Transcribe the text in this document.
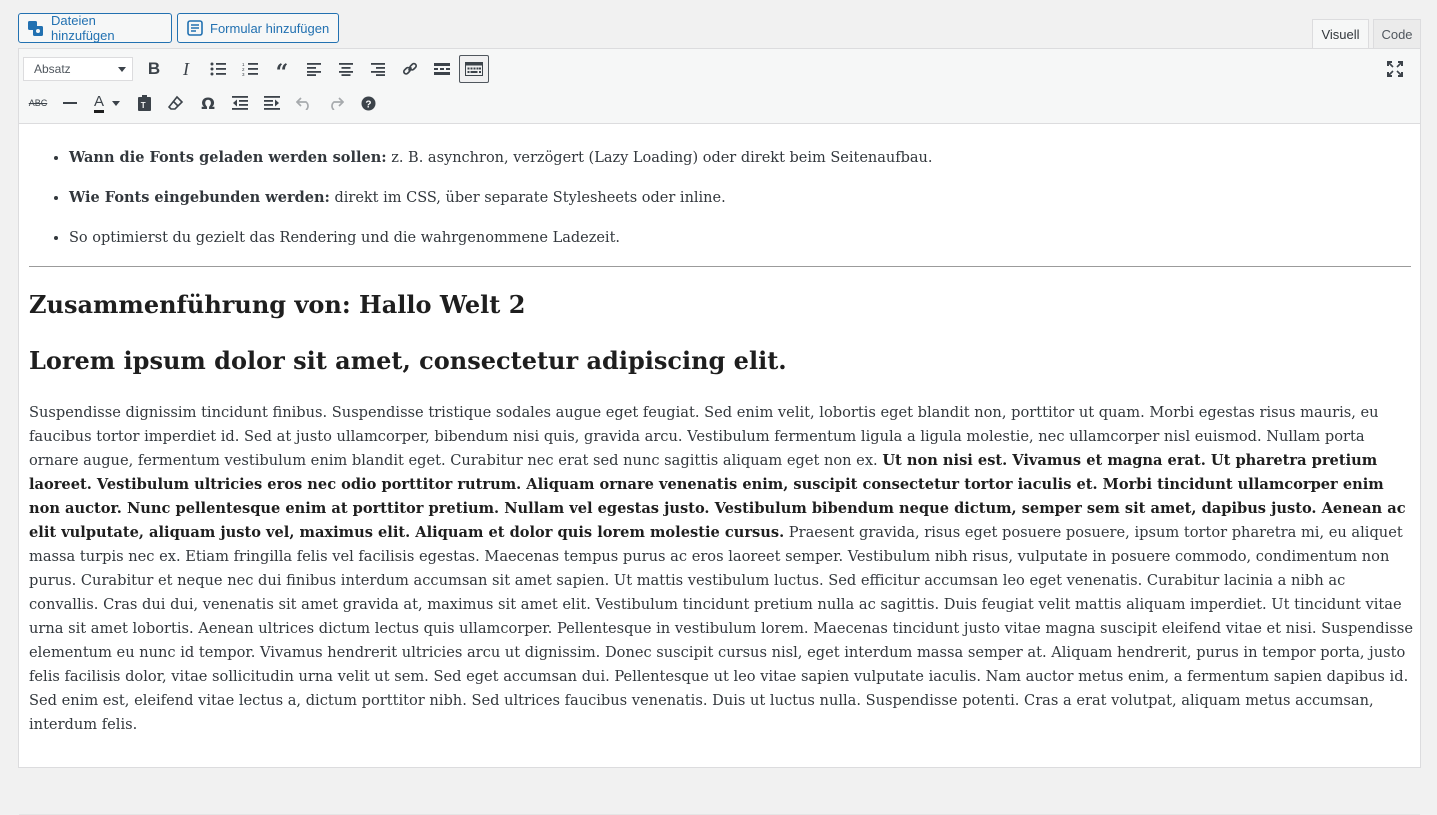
Dateien hinzufügen	Formular hinzufügen	Visuell	Code
Absatz	B I	1
2
3 “
ABC	A	T	Ω	?
• Wann die Fonts geladen werden sollen: z. B. asynchron, verzögert (Lazy Loading) oder direkt beim Seitenaufbau.
• Wie Fonts eingebunden werden: direkt im CSS, über separate Stylesheets oder inline.
• So optimierst du gezielt das Rendering und die wahrgenommene Ladezeit.
Zusammenführung von: Hallo Welt 2
Lorem ipsum dolor sit amet, consectetur adipiscing elit.

Suspendisse dignissim tincidunt finibus. Suspendisse tristique sodales augue eget feugiat. Sed enim velit, lobortis eget blandit non, porttitor ut quam. Morbi egestas risus mauris, eu faucibus tortor imperdiet id. Sed at justo ullamcorper, bibendum nisi quis, gravida arcu. Vestibulum fermentum ligula a ligula molestie, nec ullamcorper nisl euismod. Nullam porta ornare augue, fermentum vestibulum enim blandit eget. Curabitur nec erat sed nunc sagittis aliquam eget non ex. Ut non nisi est. Vivamus et magna erat. Ut pharetra pretium laoreet. Vestibulum ultricies eros nec odio porttitor rutrum. Aliquam ornare venenatis enim, suscipit consectetur tortor iaculis et. Morbi tincidunt ullamcorper enim non auctor. Nunc pellentesque enim at porttitor pretium. Nullam vel egestas justo. Vestibulum bibendum neque dictum, semper sem sit amet, dapibus justo. Aenean ac elit vulputate, aliquam justo vel, maximus elit. Aliquam et dolor quis lorem molestie cursus. Praesent gravida, risus eget posuere posuere, ipsum tortor pharetra mi, eu aliquet massa turpis nec ex. Etiam fringilla felis vel facilisis egestas. Maecenas tempus purus ac eros laoreet semper. Vestibulum nibh risus, vulputate in posuere commodo, condimentum non purus. Curabitur et neque nec dui finibus interdum accumsan sit amet sapien. Ut mattis vestibulum luctus. Sed efficitur accumsan leo eget venenatis. Curabitur lacinia a nibh ac convallis. Cras dui dui, venenatis sit amet gravida at, maximus sit amet elit. Vestibulum tincidunt pretium nulla ac sagittis. Duis feugiat velit mattis aliquam imperdiet. Ut tincidunt vitae urna sit amet lobortis. Aenean ultrices dictum lectus quis ullamcorper. Pellentesque in vestibulum lorem. Maecenas tincidunt justo vitae magna suscipit eleifend vitae et nisi. Suspendisse elementum eu nunc id tempor. Vivamus hendrerit ultricies arcu ut dignissim. Donec suscipit cursus nisl, eget interdum massa semper at. Aliquam hendrerit, purus in tempor porta, justo felis facilisis dolor, vitae sollicitudin urna velit ut sem. Sed eget accumsan dui. Pellentesque ut leo vitae sapien vulputate iaculis. Nam auctor metus enim, a fermentum sapien dapibus id. Sed enim est, eleifend vitae lectus a, dictum porttitor nibh. Sed ultrices faucibus venenatis. Duis ut luctus nulla. Suspendisse potenti. Cras a erat volutpat, aliquam metus accumsan, interdum felis.
